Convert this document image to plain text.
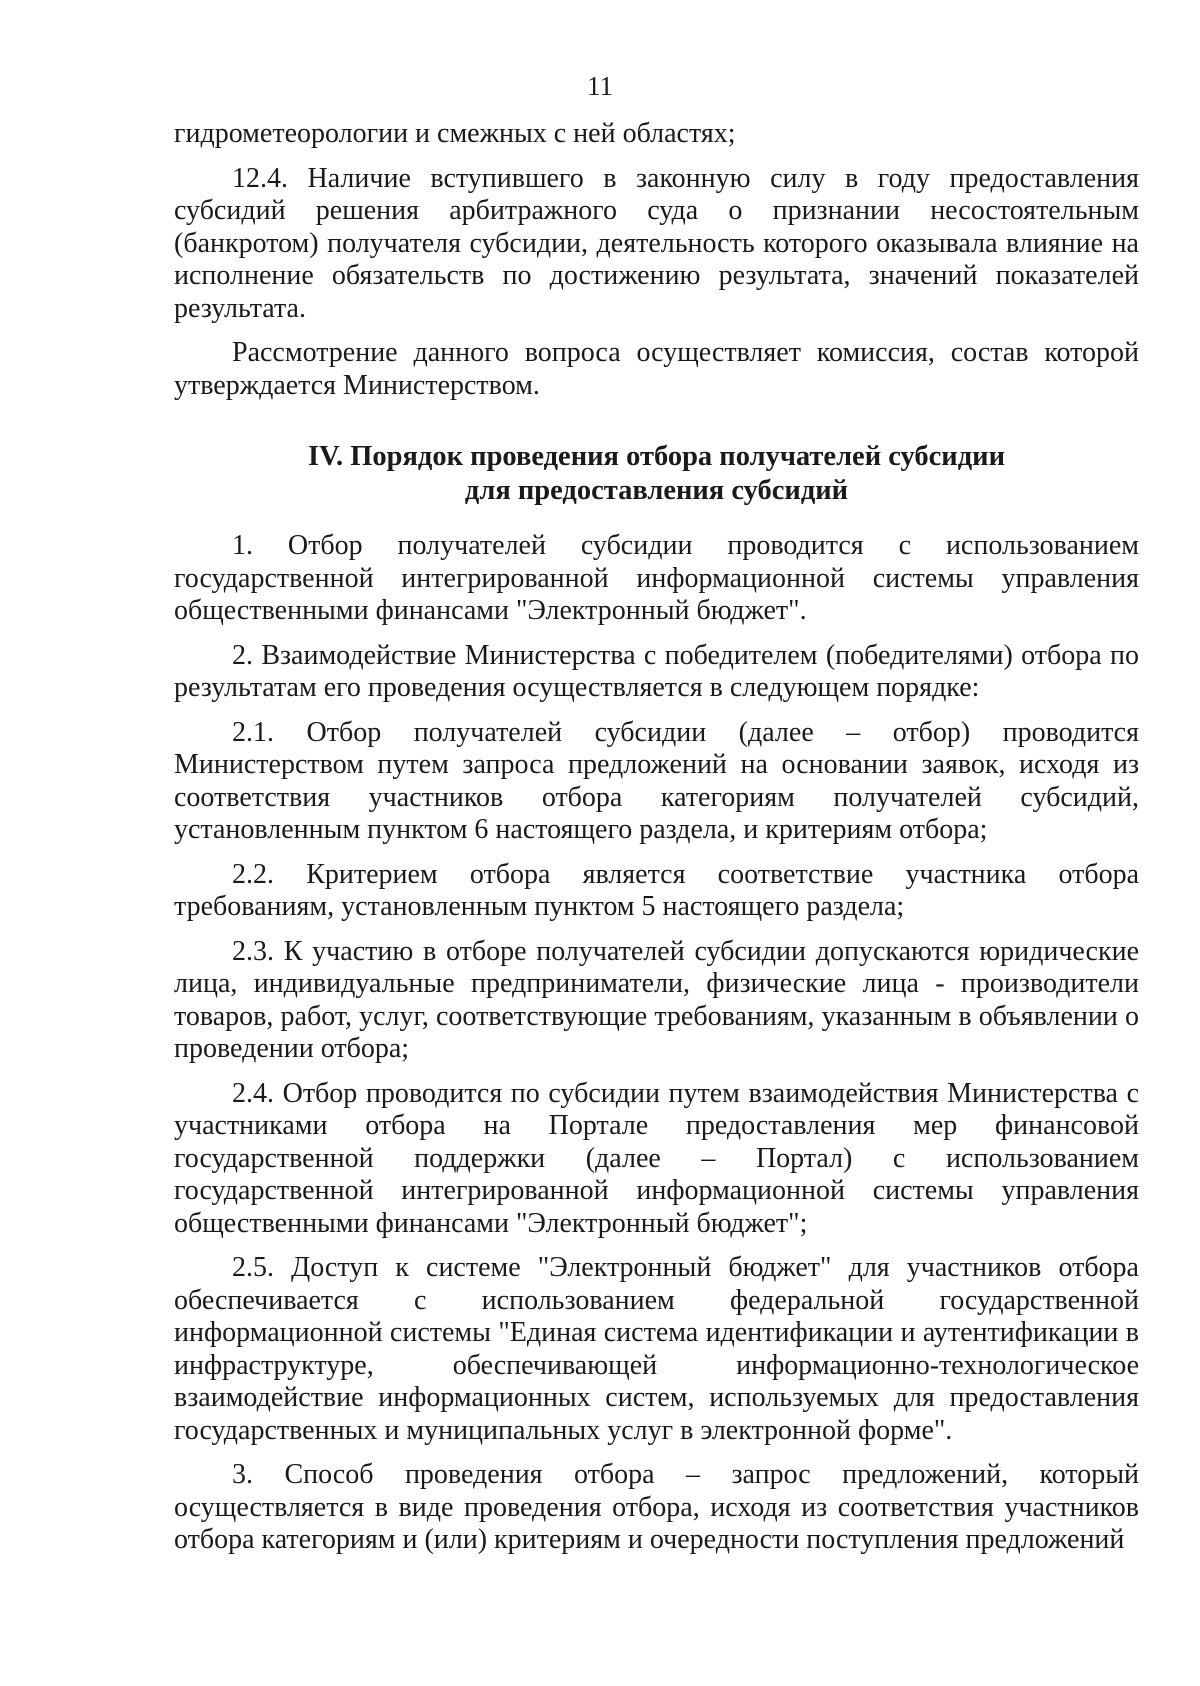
11

гидрометеорологии и смежных с ней областях;

12.4. Наличие вступившего в законную силу в году предоставления субсидий решения арбитражного суда о признании несостоятельным (банкротом) получателя субсидии, деятельность которого оказывала влияние на исполнение обязательств по достижению результата, значений показателей результата.

Рассмотрение данного вопроса осуществляет комиссия, состав которой утверждается Министерством.

IV. Порядок проведения отбора получателей субсидии
для предоставления субсидий

1. Отбор получателей субсидии проводится с использованием государственной интегрированной информационной системы управления общественными финансами "Электронный бюджет".

2. Взаимодействие Министерства с победителем (победителями) отбора по результатам его проведения осуществляется в следующем порядке:

2.1. Отбор получателей субсидии (далее – отбор) проводится Министерством путем запроса предложений на основании заявок, исходя из соответствия участников отбора категориям получателей субсидий, установленным пунктом 6 настоящего раздела, и критериям отбора;

2.2. Критерием отбора является соответствие участника отбора требованиям, установленным пунктом 5 настоящего раздела;

2.3. К участию в отборе получателей субсидии допускаются юридические лица, индивидуальные предприниматели, физические лица - производители товаров, работ, услуг, соответствующие требованиям, указанным в объявлении о проведении отбора;

2.4. Отбор проводится по субсидии путем взаимодействия Министерства с участниками отбора на Портале предоставления мер финансовой государственной поддержки (далее – Портал) с использованием государственной интегрированной информационной системы управления общественными финансами "Электронный бюджет";

2.5. Доступ к системе "Электронный бюджет" для участников отбора обеспечивается с использованием федеральной государственной информационной системы "Единая система идентификации и аутентификации в инфраструктуре, обеспечивающей информационно-технологическое взаимодействие информационных систем, используемых для предоставления государственных и муниципальных услуг в электронной форме".

3. Способ проведения отбора – запрос предложений, который осуществляется в виде проведения отбора, исходя из соответствия участников отбора категориям и (или) критериям и очередности поступления предложений
